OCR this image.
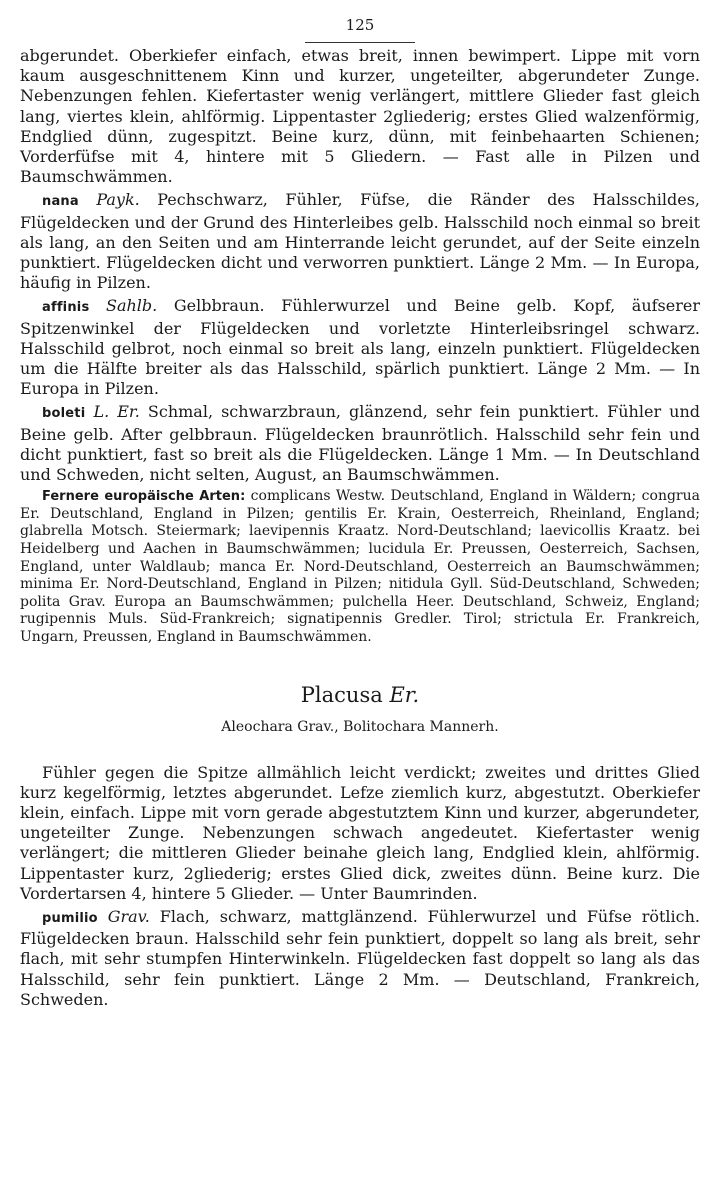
125

abgerundet. Oberkiefer einfach, etwas breit, innen bewimpert. Lippe mit vorn kaum ausgeschnittenem Kinn und kurzer, ungeteilter, abgerundeter Zunge. Nebenzungen fehlen. Kiefertaster wenig verlängert, mittlere Glieder fast gleich lang, viertes klein, ahlförmig. Lippentaster 2gliederig; erstes Glied walzenförmig, Endglied dünn, zugespitzt. Beine kurz, dünn, mit feinbehaarten Schienen; Vorderfüfse mit 4, hintere mit 5 Gliedern. — Fast alle in Pilzen und Baumschwämmen.

nana Payk. Pechschwarz, Fühler, Füfse, die Ränder des Halsschildes, Flügeldecken und der Grund des Hinterleibes gelb. Halsschild noch einmal so breit als lang, an den Seiten und am Hinterrande leicht gerundet, auf der Seite einzeln punktiert. Flügeldecken dicht und verworren punktiert. Länge 2 Mm. — In Europa, häufig in Pilzen.

affinis Sahlb. Gelbbraun. Fühlerwurzel und Beine gelb. Kopf, äufserer Spitzenwinkel der Flügeldecken und vorletzte Hinterleibsringel schwarz. Halsschild gelbrot, noch einmal so breit als lang, einzeln punktiert. Flügeldecken um die Hälfte breiter als das Halsschild, spärlich punktiert. Länge 2 Mm. — In Europa in Pilzen.

boleti L. Er. Schmal, schwarzbraun, glänzend, sehr fein punktiert. Fühler und Beine gelb. After gelbbraun. Flügeldecken braunrötlich. Halsschild sehr fein und dicht punktiert, fast so breit als die Flügeldecken. Länge 1 Mm. — In Deutschland und Schweden, nicht selten, August, an Baumschwämmen.

Fernere europäische Arten: complicans Westw. Deutschland, England in Wäldern; congrua Er. Deutschland, England in Pilzen; gentilis Er. Krain, Oesterreich, Rheinland, England; glabrella Motsch. Steiermark; laevipennis Kraatz. Nord-Deutschland; laevicollis Kraatz. bei Heidelberg und Aachen in Baumschwämmen; lucidula Er. Preussen, Oesterreich, Sachsen, England, unter Waldlaub; manca Er. Nord-Deutschland, Oesterreich an Baumschwämmen; minima Er. Nord-Deutschland, England in Pilzen; nitidula Gyll. Süd-Deutschland, Schweden; polita Grav. Europa an Baumschwämmen; pulchella Heer. Deutschland, Schweiz, England; rugipennis Muls. Süd-Frankreich; signatipennis Gredler. Tirol; strictula Er. Frankreich, Ungarn, Preussen, England in Baumschwämmen.

Placusa Er.
Aleochara Grav., Bolitochara Mannerh.

Fühler gegen die Spitze allmählich leicht verdickt; zweites und drittes Glied kurz kegelförmig, letztes abgerundet. Lefze ziemlich kurz, abgestutzt. Oberkiefer klein, einfach. Lippe mit vorn gerade abgestutztem Kinn und kurzer, abgerundeter, ungeteilter Zunge. Nebenzungen schwach angedeutet. Kiefertaster wenig verlängert; die mittleren Glieder beinahe gleich lang, Endglied klein, ahlförmig. Lippentaster kurz, 2gliederig; erstes Glied dick, zweites dünn. Beine kurz. Die Vordertarsen 4, hintere 5 Glieder. — Unter Baumrinden.

pumilio Grav. Flach, schwarz, mattglänzend. Fühlerwurzel und Füfse rötlich. Flügeldecken braun. Halsschild sehr fein punktiert, doppelt so lang als breit, sehr flach, mit sehr stumpfen Hinterwinkeln. Flügeldecken fast doppelt so lang als das Halsschild, sehr fein punktiert. Länge 2 Mm. — Deutschland, Frankreich, Schweden.
